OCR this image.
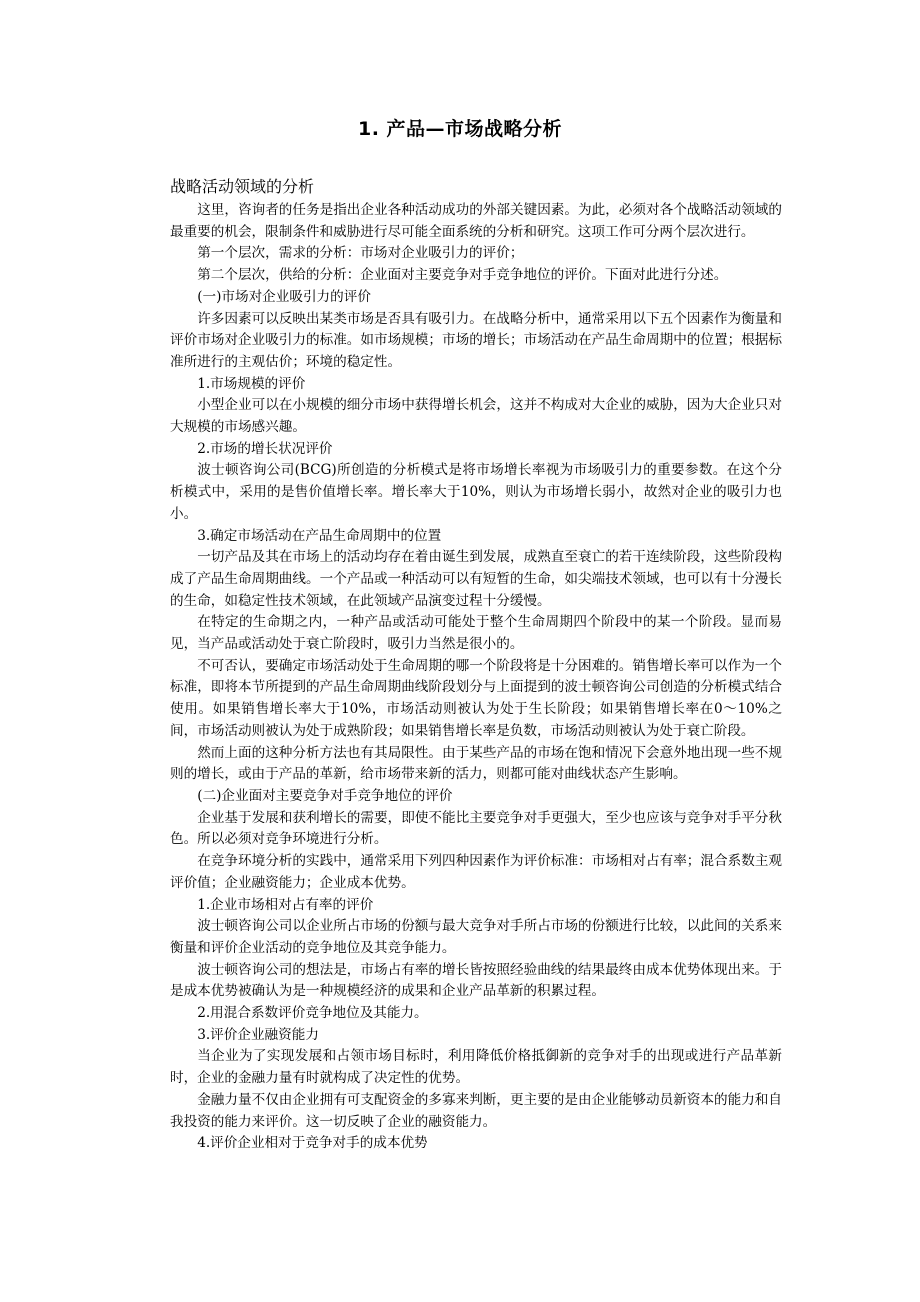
1. 产品—市场战略分析
战略活动领域的分析

这里，咨询者的任务是指出企业各种活动成功的外部关键因素。为此，必须对各个战略活动领域的最重要的机会，限制条件和威胁进行尽可能全面系统的分析和研究。这项工作可分两个层次进行。

第一个层次，需求的分析：市场对企业吸引力的评价；

第二个层次，供给的分析：企业面对主要竞争对手竞争地位的评价。下面对此进行分述。

(一)市场对企业吸引力的评价

许多因素可以反映出某类市场是否具有吸引力。在战略分析中，通常采用以下五个因素作为衡量和评价市场对企业吸引力的标准。如市场规模；市场的增长；市场活动在产品生命周期中的位置；根据标准所进行的主观估价；环境的稳定性。

1.市场规模的评价

小型企业可以在小规模的细分市场中获得增长机会，这并不构成对大企业的威胁，因为大企业只对大规模的市场感兴趣。

2.市场的增长状况评价

波士顿咨询公司(BCG)所创造的分析模式是将市场增长率视为市场吸引力的重要参数。在这个分析模式中，采用的是售价值增长率。增长率大于10%，则认为市场增长弱小，故然对企业的吸引力也小。

3.确定市场活动在产品生命周期中的位置

一切产品及其在市场上的活动均存在着由诞生到发展，成熟直至衰亡的若干连续阶段，这些阶段构成了产品生命周期曲线。一个产品或一种活动可以有短暂的生命，如尖端技术领域，也可以有十分漫长的生命，如稳定性技术领域，在此领域产品演变过程十分缓慢。

在特定的生命期之内，一种产品或活动可能处于整个生命周期四个阶段中的某一个阶段。显而易见，当产品或活动处于衰亡阶段时，吸引力当然是很小的。

不可否认，要确定市场活动处于生命周期的哪一个阶段将是十分困难的。销售增长率可以作为一个标准，即将本节所提到的产品生命周期曲线阶段划分与上面提到的波士顿咨询公司创造的分析模式结合使用。如果销售增长率大于10%，市场活动则被认为处于生长阶段；如果销售增长率在0～10%之间，市场活动则被认为处于成熟阶段；如果销售增长率是负数，市场活动则被认为处于衰亡阶段。

然而上面的这种分析方法也有其局限性。由于某些产品的市场在饱和情况下会意外地出现一些不规则的增长，或由于产品的革新，给市场带来新的活力，则都可能对曲线状态产生影响。

(二)企业面对主要竞争对手竞争地位的评价

企业基于发展和获利增长的需要，即使不能比主要竞争对手更强大，至少也应该与竞争对手平分秋色。所以必须对竞争环境进行分析。

在竞争环境分析的实践中，通常采用下列四种因素作为评价标准：市场相对占有率；混合系数主观评价值；企业融资能力；企业成本优势。

1.企业市场相对占有率的评价

波士顿咨询公司以企业所占市场的份额与最大竞争对手所占市场的份额进行比较，以此间的关系来衡量和评价企业活动的竞争地位及其竞争能力。

波士顿咨询公司的想法是，市场占有率的增长皆按照经验曲线的结果最终由成本优势体现出来。于是成本优势被确认为是一种规模经济的成果和企业产品革新的积累过程。

2.用混合系数评价竞争地位及其能力。

3.评价企业融资能力

当企业为了实现发展和占领市场目标时，利用降低价格抵御新的竞争对手的出现或进行产品革新时，企业的金融力量有时就构成了决定性的优势。

金融力量不仅由企业拥有可支配资金的多寡来判断，更主要的是由企业能够动员新资本的能力和自我投资的能力来评价。这一切反映了企业的融资能力。

4.评价企业相对于竞争对手的成本优势
